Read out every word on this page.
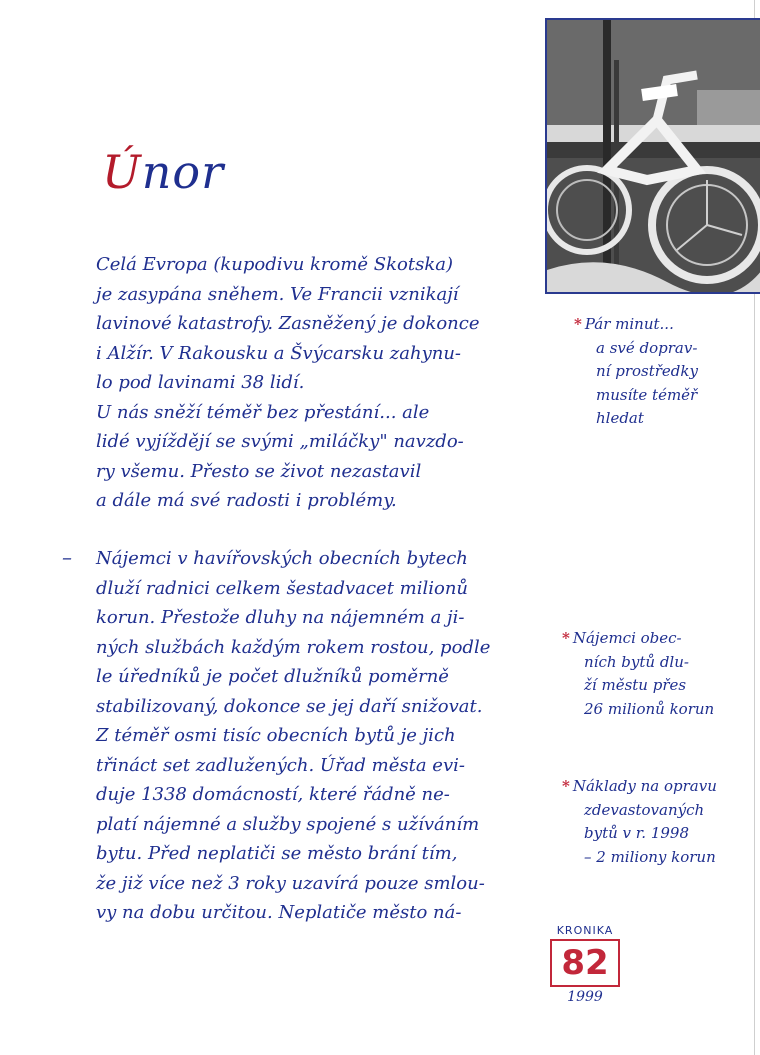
Únor
Celá Evropa (kupodivu kromě Skotska)
je zasypána sněhem. Ve Francii vznikají
lavinové katastrofy. Zasněžený je dokonce
i Alžír. V Rakousku a Švýcarsku zahynu-
lo pod lavinami 38 lidí.
U nás sněží téměř bez přestání... ale
lidé vyjíždějí se svými „miláčky" navzdo-
ry všemu. Přesto se život nezastavil
a dále má své radosti i problémy.
– Nájemci v havířovských obecních bytech
dluží radnici celkem šestadvacet milionů
korun. Přestože dluhy na nájemném a ji-
ných službách každým rokem rostou, podle
le úředníků je počet dlužníků poměrně
stabilizovaný, dokonce se jej daří snižovat.
Z téměř osmi tisíc obecních bytů je jich
třináct set zadlužených. Úřad města evi-
duje 1338 domácností, které řádně ne-
platí nájemné a služby spojené s užíváním
bytu. Před neplatiči se město brání tím,
že již více než 3 roky uzavírá pouze smlou-
vy na dobu určitou. Neplatiče město ná-
* Pár minut...
a své doprav-
ní prostředky
musíte téměř
hledat
* Nájemci obec-
ních bytů dlu-
ží městu přes
26 milionů korun
* Náklady na opravu
zdevastovaných
bytů v r. 1998
– 2 miliony korun
KRONIKA
82
1999
